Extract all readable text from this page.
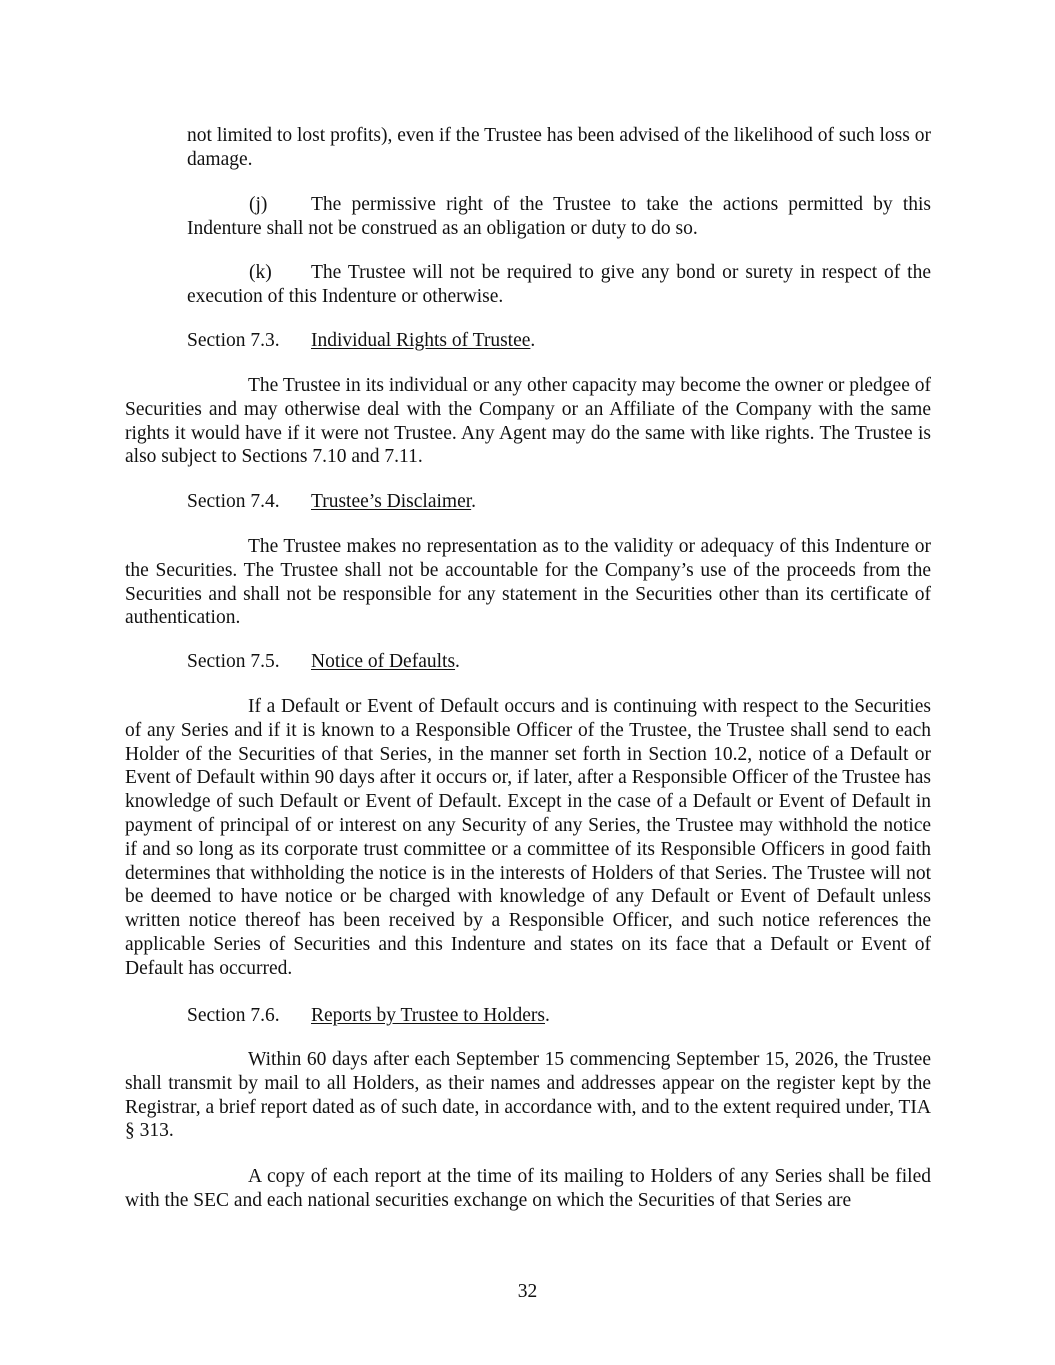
not limited to lost profits), even if the Trustee has been advised of the likelihood of such loss or damage.

(j) The permissive right of the Trustee to take the actions permitted by this Indenture shall not be construed as an obligation or duty to do so.

(k) The Trustee will not be required to give any bond or surety in respect of the execution of this Indenture or otherwise.

Section 7.3. Individual Rights of Trustee.

The Trustee in its individual or any other capacity may become the owner or pledgee of Securities and may otherwise deal with the Company or an Affiliate of the Company with the same rights it would have if it were not Trustee. Any Agent may do the same with like rights. The Trustee is also subject to Sections 7.10 and 7.11.

Section 7.4. Trustee’s Disclaimer.

The Trustee makes no representation as to the validity or adequacy of this Indenture or the Securities. The Trustee shall not be accountable for the Company’s use of the proceeds from the Securities and shall not be responsible for any statement in the Securities other than its certificate of authentication.

Section 7.5. Notice of Defaults.

If a Default or Event of Default occurs and is continuing with respect to the Securities of any Series and if it is known to a Responsible Officer of the Trustee, the Trustee shall send to each Holder of the Securities of that Series, in the manner set forth in Section 10.2, notice of a Default or Event of Default within 90 days after it occurs or, if later, after a Responsible Officer of the Trustee has knowledge of such Default or Event of Default. Except in the case of a Default or Event of Default in payment of principal of or interest on any Security of any Series, the Trustee may withhold the notice if and so long as its corporate trust committee or a committee of its Responsible Officers in good faith determines that withholding the notice is in the interests of Holders of that Series. The Trustee will not be deemed to have notice or be charged with knowledge of any Default or Event of Default unless written notice thereof has been received by a Responsible Officer, and such notice references the applicable Series of Securities and this Indenture and states on its face that a Default or Event of Default has occurred.

Section 7.6. Reports by Trustee to Holders.

Within 60 days after each September 15 commencing September 15, 2026, the Trustee shall transmit by mail to all Holders, as their names and addresses appear on the register kept by the Registrar, a brief report dated as of such date, in accordance with, and to the extent required under, TIA § 313.

A copy of each report at the time of its mailing to Holders of any Series shall be filed with the SEC and each national securities exchange on which the Securities of that Series are

32
